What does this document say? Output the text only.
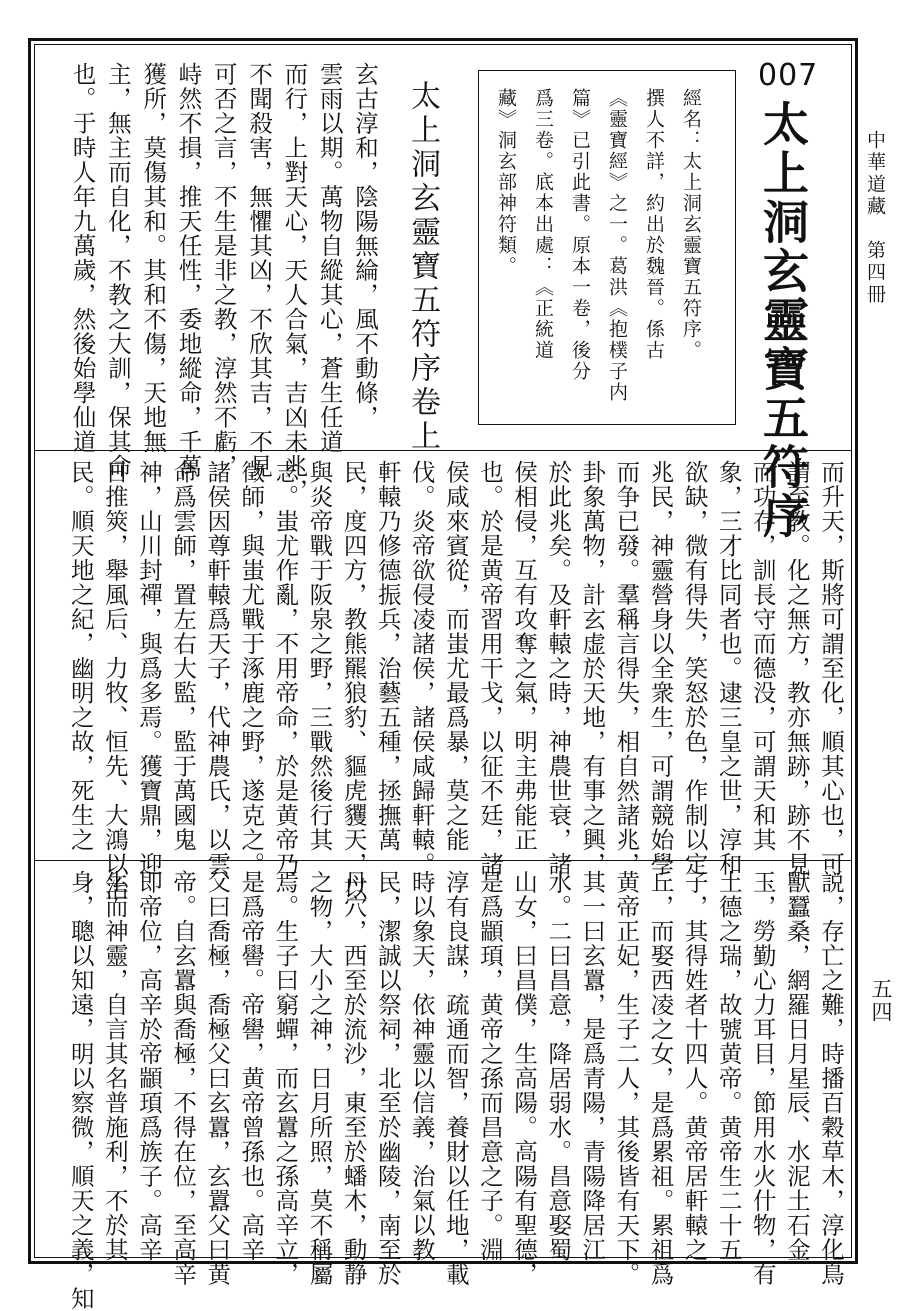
中華道藏　第四冊
五四
007
太上洞玄靈寶五符序
經名：太上洞玄靈寶五符序。
撰人不詳，約出於魏晉。係古
《靈寶經》之一。葛洪《抱樸子内
篇》已引此書。原本一卷，後分
爲三卷。底本出處：《正統道
藏》洞玄部神符類。
太上洞玄靈寶五符序卷上
玄古淳和，陰陽無綸，風不動條，
雲雨以期。萬物自縱其心，蒼生任道
而行，上對天心，天人合氣，吉凶未兆，
不聞殺害，無懼其凶，不欣其吉，不見
可否之言，不生是非之教，淳然不虧，
峙然不損，推天任性，委地縱命，千萬
獲所，莫傷其和。其和不傷，天地無
主，無主而自化，不教之大訓，保其命
也。于時人年九萬歲，然後始學仙道
而升天，斯將可謂至化，順其心也，可
謂至教。化之無方，教亦無跡，跡不見
而功存，訓長守而德没，可謂天和其
象，三才比同者也。逮三皇之世，淳和
欲缺，微有得失，笑怒於色，作制以定
兆民，神靈營身以全衆生，可謂競始學
而争已發。羣稱言得失，相自然諸兆，
卦象萬物，計玄虚於天地，有事之興，
於此兆矣。及軒轅之時，神農世衰，諸
侯相侵，互有攻奪之氣，明主弗能正
也。於是黄帝習用干戈，以征不廷，諸
侯咸來賓從，而蚩尤最爲暴，莫之能
伐。炎帝欲侵凌諸侯，諸侯咸歸軒轅。
軒轅乃修德振兵，治藝五種，拯撫萬
民，度四方，教熊羆狼豹、貙虎貜天，以
與炎帝戰于阪泉之野，三戰然後行其
志。蚩尤作亂，不用帝命，於是黄帝乃
徵師，與蚩尤戰于涿鹿之野，遂克之。
諸侯因尊軒轅爲天子，代神農氏，以雲
命爲雲師，置左右大監，監于萬國鬼
神，山川封禪，與爲多焉。獲寶鼎，迎
日推筴，舉風后、力牧、恒先、大鴻以治
民。順天地之紀，幽明之故，死生之
説，存亡之難，時播百穀草木，淳化鳥
獸蠶桑，網羅日月星辰、水泥土石金
玉，勞勤心力耳目，節用水火什物，有
土德之瑞，故號黄帝。黄帝生二十五
子，其得姓者十四人。黄帝居軒轅之
丘，而娶西凌之女，是爲累祖。累祖爲
黄帝正妃，生子二人，其後皆有天下。
其一曰玄囂，是爲青陽，青陽降居江
水。二曰昌意，降居弱水。昌意娶蜀
山女，曰昌僕，生高陽。高陽有聖德，
是爲顓頊，黄帝之孫而昌意之子。淵
淳有良謀，疏通而智，養財以任地，載
時以象天，依神靈以信義，治氣以教
民，潔誠以祭祠，北至於幽陵，南至於
丹穴，西至於流沙，東至於蟠木，動静
之物，大小之神，日月所照，莫不稱屬
焉。生子曰窮蟬，而玄囂之孫高辛立，
是爲帝嚳。帝嚳，黄帝曾孫也。高辛
父曰喬極，喬極父曰玄囂，玄囂父曰黄
帝。自玄囂與喬極，不得在位，至高辛
即帝位，高辛於帝顓頊爲族子。高辛
生而神靈，自言其名普施利，不於其
身，聰以知遠，明以察微，順天之義，知
